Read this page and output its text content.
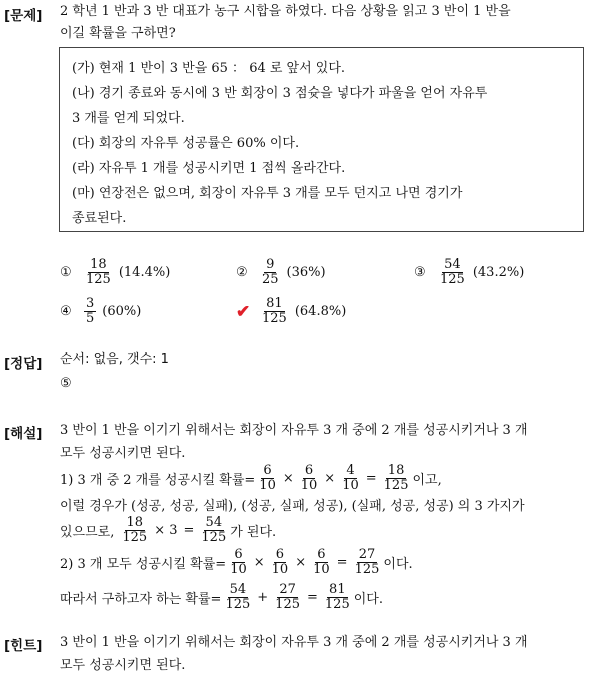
[문제] 2 학년 1 반과 3 반 대표가 농구 시합을 하였다. 다음 상황을 읽고 3 반이 1 반을
이길 확률을 구하면?
(가) 현재 1 반이 3 반을 65 ： 64 로 앞서 있다.
(나) 경기 종료와 동시에 3 반 회장이 3 점슛을 넣다가 파울을 얻어 자유투
3 개를 얻게 되었다.
(다) 회장의 자유투 성공률은 60% 이다.
(라) 자유투 1 개를 성공시키면 1 점씩 올라간다.
(마) 연장전은 없으며, 회장이 자유투 3 개를 모두 던지고 나면 경기가
종료된다.
① $\frac{18}{125} (14.4\%)$	② $\frac{9}{25} (36\%)$	③ $\frac{54}{125} (43.2\%)$
④ $\frac{3}{5} (60\%)$	✔ $\frac{81}{125} (64.8\%)$
[정답] 순서: 없음, 갯수: 1
⑤
[해설] 3 반이 1 반을 이기기 위해서는 회장이 자유투 3 개 중에 2 개를 성공시키거나 3 개
모두 성공시키면 된다.
1) 3 개 중 2 개를 성공시킬 확률= $\frac{6}{10} \times \frac{6}{10} \times \frac{4}{10} = \frac{18}{125}$ 이고,
이럴 경우가 (성공, 성공, 실패), (성공, 실패, 성공), (실패, 성공, 성공) 의 3 가지가
있으므로, $\frac{18}{125} \times 3 = \frac{54}{125}$ 가 된다.
2) 3 개 모두 성공시킬 확률= $\frac{6}{10} \times \frac{6}{10} \times \frac{6}{10} = \frac{27}{125}$ 이다.
따라서 구하고자 하는 확률= $\frac{54}{125} + \frac{27}{125} = \frac{81}{125}$ 이다.
[힌트] 3 반이 1 반을 이기기 위해서는 회장이 자유투 3 개 중에 2 개를 성공시키거나 3 개
모두 성공시키면 된다.
